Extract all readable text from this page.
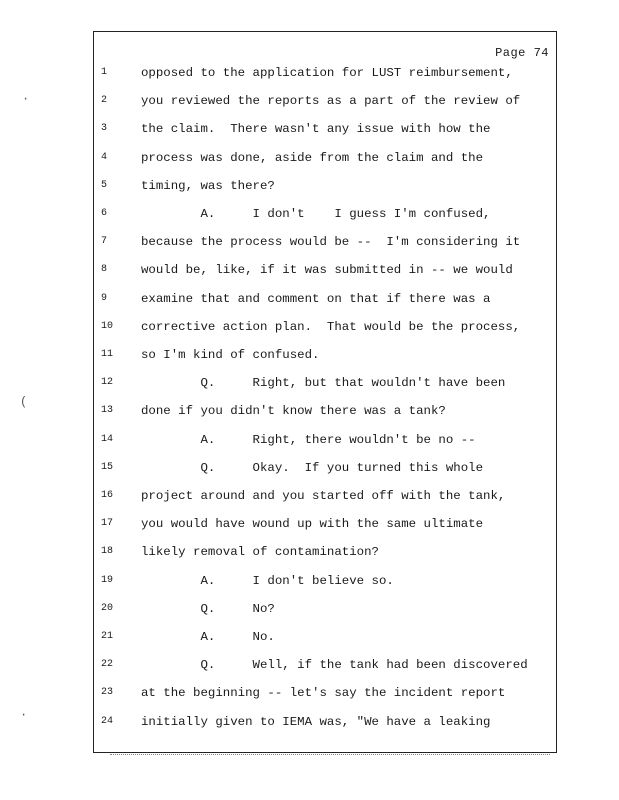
Page 74
1	opposed to the application for LUST reimbursement,
2	you reviewed the reports as a part of the review of
3	the claim.  There wasn't any issue with how the
4	process was done, aside from the claim and the
5	timing, was there?
6	A.     I don't    I guess I'm confused,
7	because the process would be --  I'm considering it
8	would be, like, if it was submitted in -- we would
9	examine that and comment on that if there was a
10	corrective action plan.  That would be the process,
11	so I'm kind of confused.
12	Q.     Right, but that wouldn't have been
13	done if you didn't know there was a tank?
14	A.     Right, there wouldn't be no --
15	Q.     Okay.  If you turned this whole
16	project around and you started off with the tank,
17	you would have wound up with the same ultimate
18	likely removal of contamination?
19	A.     I don't believe so.
20	Q.     No?
21	A.     No.
22	Q.     Well, if the tank had been discovered
23	at the beginning -- let's say the incident report
24	initially given to IEMA was, "We have a leaking
·
(
·
